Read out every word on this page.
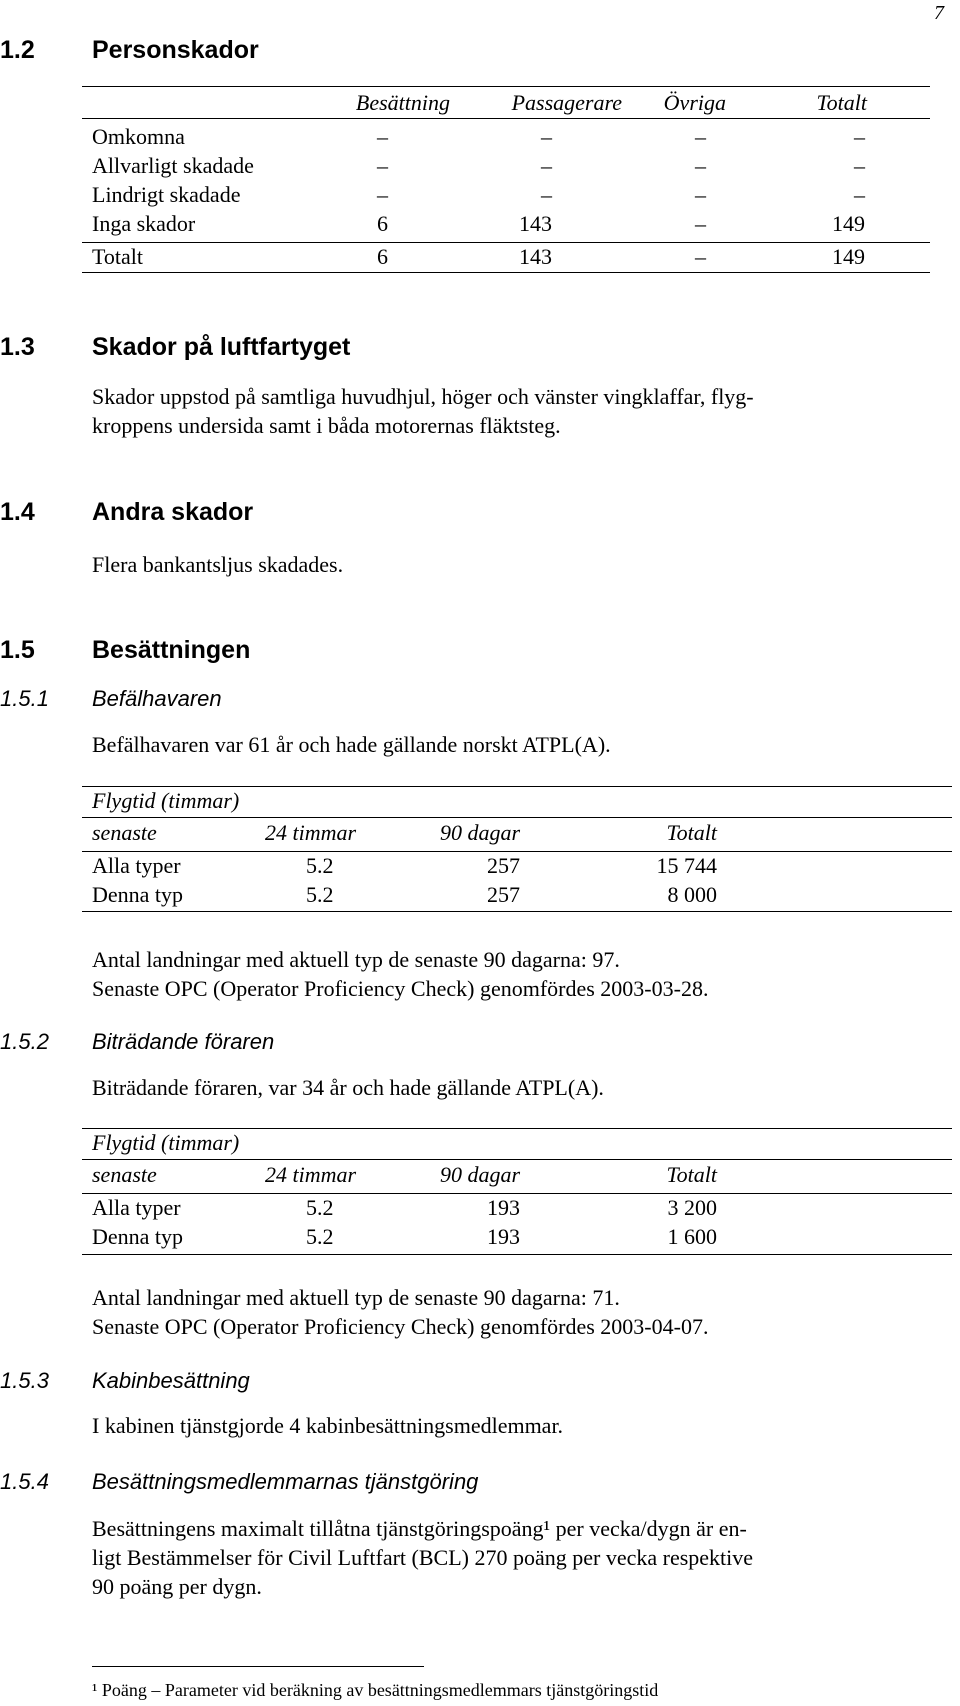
7
1.2 Personskador
Besättning	Passagerare	Övriga	Totalt
Omkomna	–	–	–	–
Allvarligt skadade	–	–	–	–
Lindrigt skadade	–	–	–	–
Inga skador	6	143	–	149
Totalt	6	143	–	149
1.3 Skador på luftfartyget
Skador uppstod på samtliga huvudhjul, höger och vänster vingklaffar, flyg-
kroppens undersida samt i båda motorernas fläktsteg.
1.4 Andra skador
Flera bankantsljus skadades.
1.5 Besättningen
1.5.1 Befälhavaren
Befälhavaren var 61 år och hade gällande norskt ATPL(A).
Flygtid (timmar)
senaste	24 timmar	90 dagar	Totalt
Alla typer	5.2	257	15 744
Denna typ	5.2	257	8 000
Antal landningar med aktuell typ de senaste 90 dagarna: 97.
Senaste OPC (Operator Proficiency Check) genomfördes 2003-03-28.
1.5.2 Biträdande föraren
Biträdande föraren, var 34 år och hade gällande ATPL(A).
Flygtid (timmar)
senaste	24 timmar	90 dagar	Totalt
Alla typer	5.2	193	3 200
Denna typ	5.2	193	1 600
Antal landningar med aktuell typ de senaste 90 dagarna: 71.
Senaste OPC (Operator Proficiency Check) genomfördes 2003-04-07.
1.5.3 Kabinbesättning
I kabinen tjänstgjorde 4 kabinbesättningsmedlemmar.
1.5.4 Besättningsmedlemmarnas tjänstgöring
Besättningens maximalt tillåtna tjänstgöringspoäng¹ per vecka/dygn är en-
ligt Bestämmelser för Civil Luftfart (BCL) 270 poäng per vecka respektive
90 poäng per dygn.
¹ Poäng – Parameter vid beräkning av besättningsmedlemmars tjänstgöringstid
